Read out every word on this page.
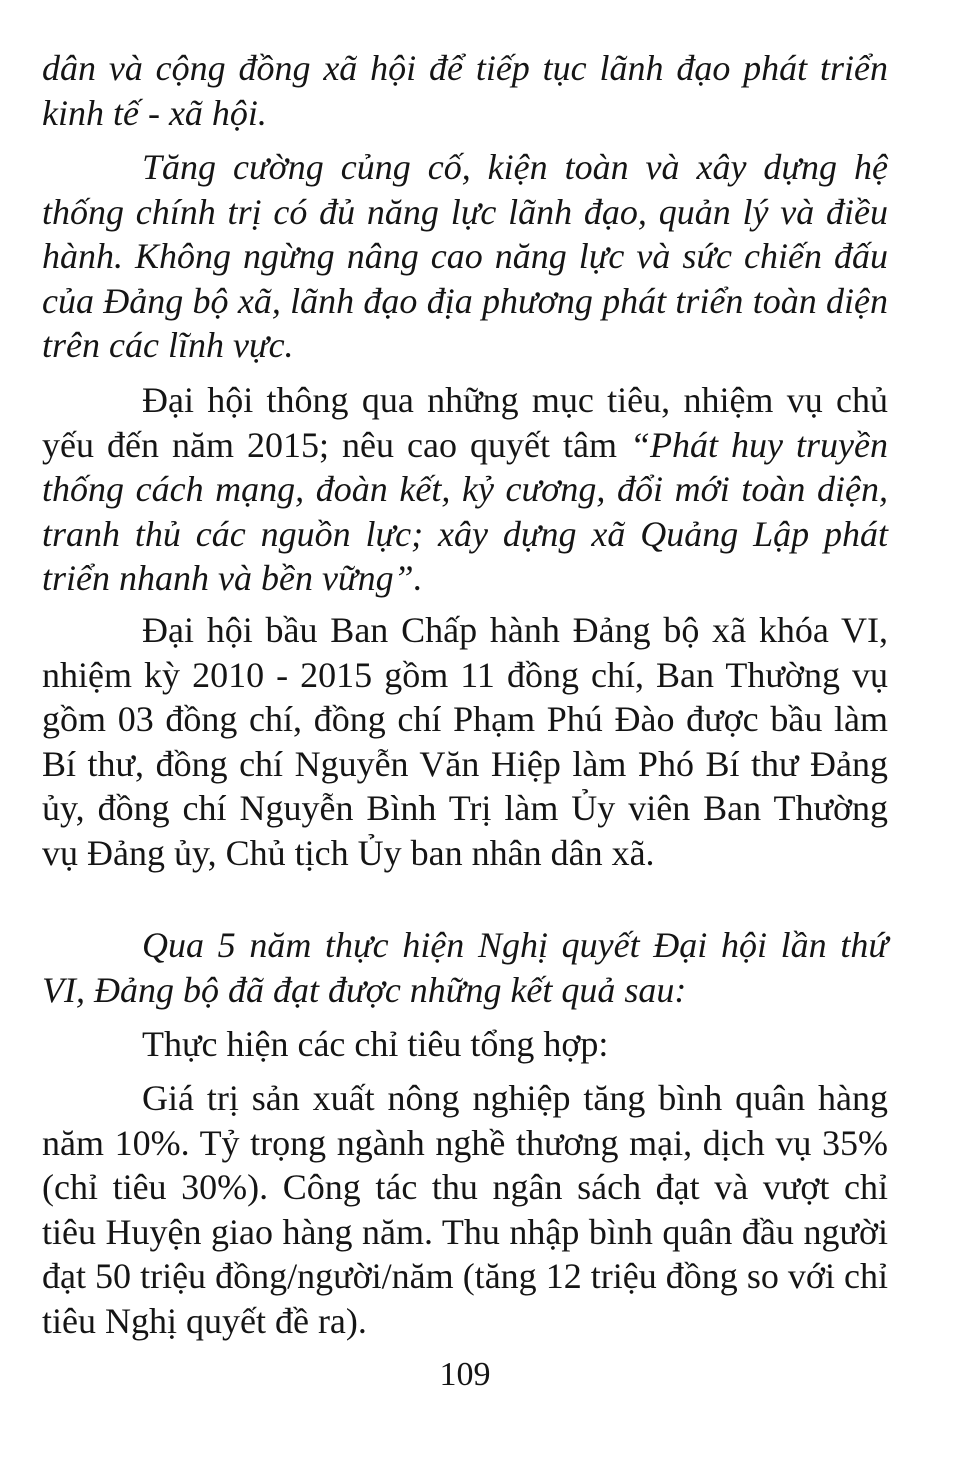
dân và cộng đồng xã hội để tiếp tục lãnh đạo phát triển kinh tế - xã hội.

Tăng cường củng cố, kiện toàn và xây dựng hệ thống chính trị có đủ năng lực lãnh đạo, quản lý và điều hành. Không ngừng nâng cao năng lực và sức chiến đấu của Đảng bộ xã, lãnh đạo địa phương phát triển toàn diện trên các lĩnh vực.

Đại hội thông qua những mục tiêu, nhiệm vụ chủ yếu đến năm 2015; nêu cao quyết tâm “Phát huy truyền thống cách mạng, đoàn kết, kỷ cương, đổi mới toàn diện, tranh thủ các nguồn lực; xây dựng xã Quảng Lập phát triển nhanh và bền vững”.

Đại hội bầu Ban Chấp hành Đảng bộ xã khóa VI, nhiệm kỳ 2010 - 2015 gồm 11 đồng chí, Ban Thường vụ gồm 03 đồng chí, đồng chí Phạm Phú Đào được bầu làm Bí thư, đồng chí Nguyễn Văn Hiệp làm Phó Bí thư Đảng ủy, đồng chí Nguyễn Bình Trị làm Ủy viên Ban Thường vụ Đảng ủy, Chủ tịch Ủy ban nhân dân xã.

Qua 5 năm thực hiện Nghị quyết Đại hội lần thứ VI, Đảng bộ đã đạt được những kết quả sau:

Thực hiện các chỉ tiêu tổng hợp:

Giá trị sản xuất nông nghiệp tăng bình quân hàng năm 10%. Tỷ trọng ngành nghề thương mại, dịch vụ 35% (chỉ tiêu 30%). Công tác thu ngân sách đạt và vượt chỉ tiêu Huyện giao hàng năm. Thu nhập bình quân đầu người đạt 50 triệu đồng/người/năm (tăng 12 triệu đồng so với chỉ tiêu Nghị quyết đề ra).

109
